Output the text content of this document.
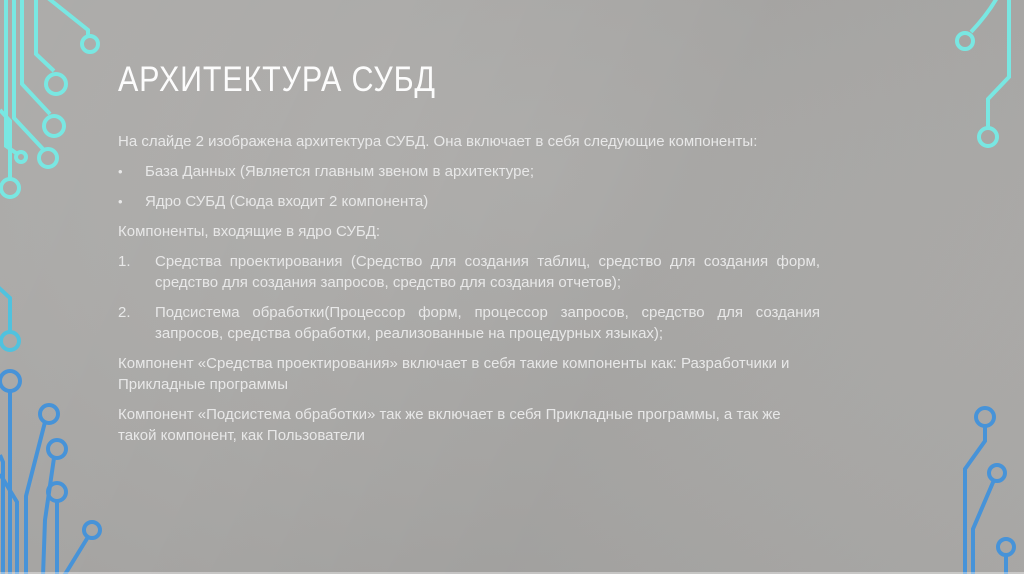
АРХИТЕКТУРА СУБД

На слайде 2 изображена архитектура СУБД. Она включает в себя следующие компоненты:

•	База Данных (Является главным звеном в архитектуре;
•	Ядро СУБД (Сюда входит 2 компонента)

Компоненты, входящие в ядро СУБД:

1.	Средства проектирования (Средство для создания таблиц, средство для создания форм, средство для создания запросов, средство для создания отчетов);
2.	Подсистема обработки(Процессор форм, процессор запросов, средство для создания запросов, средства обработки, реализованные на процедурных языках);

Компонент «Средства проектирования» включает в себя такие компоненты как: Разработчики и Прикладные программы

Компонент «Подсистема обработки» так же включает в себя Прикладные программы, а так же такой компонент, как Пользователи
